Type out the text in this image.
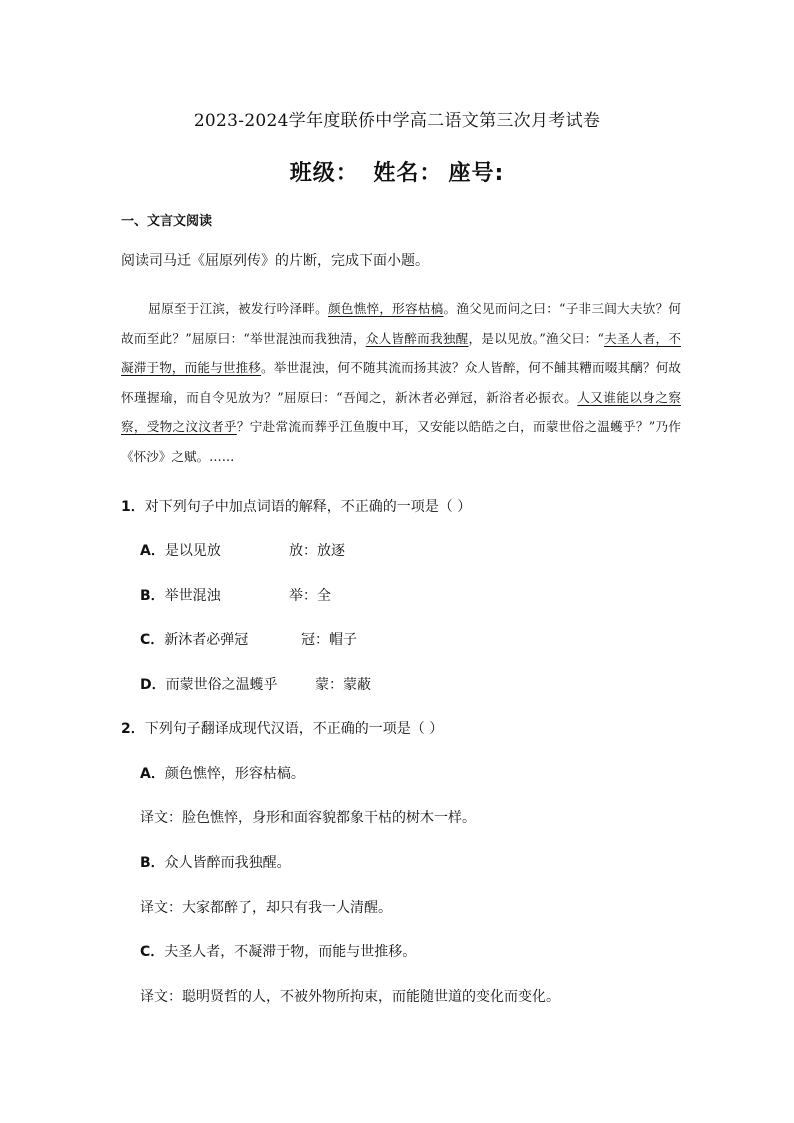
2023-2024学年度联侨中学高二语文第三次月考试卷
班级： 姓名： 座号:
一、文言文阅读
阅读司马迁《屈原列传》的片断，完成下面小题。
屈原至于江滨，被发行吟泽畔。颜色憔悴，形容枯槁。渔父见而问之曰：“子非三闾大夫欤？何故而至此？”屈原曰：“举世混浊而我独清，众人皆醉而我独醒，是以见放。”渔父曰：“夫圣人者，不凝滞于物，而能与世推移。举世混浊，何不随其流而扬其波？众人皆醉，何不餔其糟而啜其醨？何故怀瑾握瑜，而自令见放为？”屈原曰：“吾闻之，新沐者必弹冠，新浴者必振衣。人又谁能以身之察察，受物之汶汶者乎？宁赴常流而葬乎江鱼腹中耳，又安能以皓皓之白，而蒙世俗之温蠖乎？”乃作《怀沙》之赋。……
1．对下列句子中加点词语的解释，不正确的一项是（ ）
A．是以见放	放：放逐
B．举世混浊	举：全
C．新沐者必弹冠	冠：帽子
D．而蒙世俗之温蠖乎	蒙：蒙蔽
2．下列句子翻译成现代汉语，不正确的一项是（ ）
A．颜色憔悴，形容枯槁。
译文：脸色憔悴，身形和面容貌都象干枯的树木一样。
B．众人皆醉而我独醒。
译文：大家都醉了，却只有我一人清醒。
C．夫圣人者，不凝滞于物，而能与世推移。
译文：聪明贤哲的人，不被外物所拘束，而能随世道的变化而变化。
